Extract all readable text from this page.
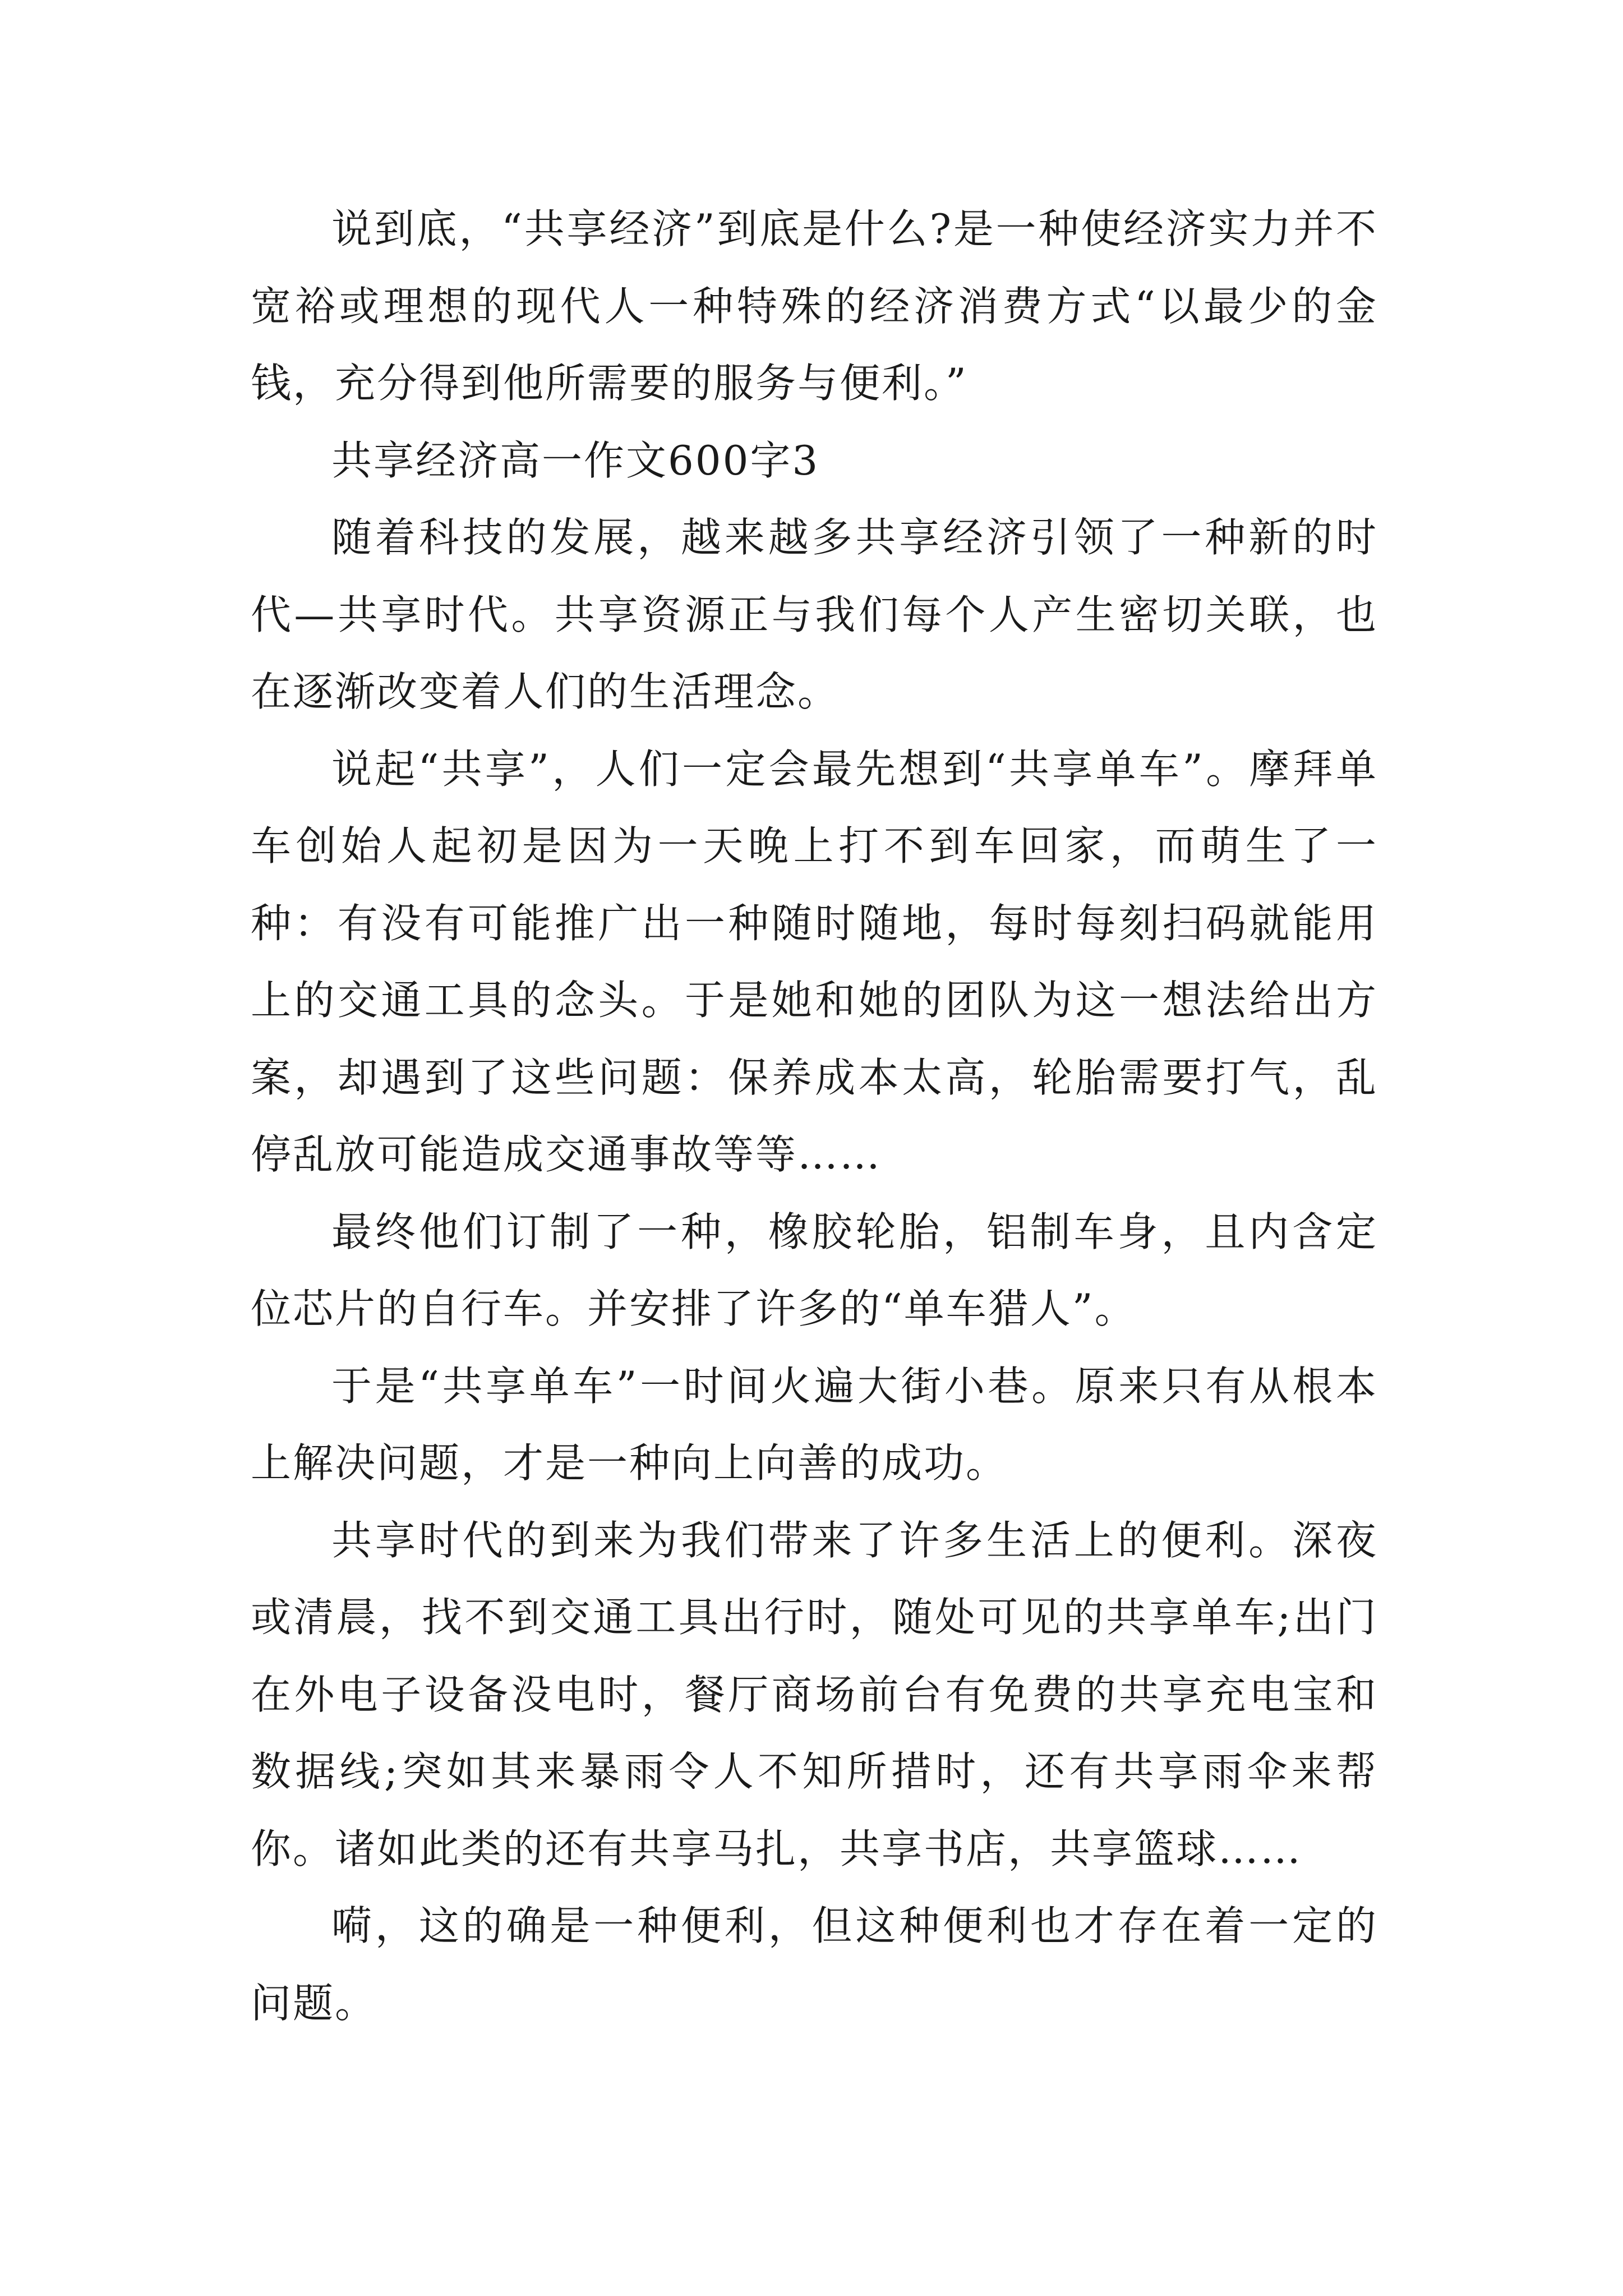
说到底，“共享经济”到底是什么?是一种使经济实力并不宽裕或理想的现代人一种特殊的经济消费方式“以最少的金钱，充分得到他所需要的服务与便利。”

共享经济高一作文600字3

随着科技的发展，越来越多共享经济引领了一种新的时代—共享时代。共享资源正与我们每个人产生密切关联，也在逐渐改变着人们的生活理念。

说起“共享”，人们一定会最先想到“共享单车”。摩拜单车创始人起初是因为一天晚上打不到车回家，而萌生了一种：有没有可能推广出一种随时随地，每时每刻扫码就能用上的交通工具的念头。于是她和她的团队为这一想法给出方案，却遇到了这些问题：保养成本太高，轮胎需要打气，乱停乱放可能造成交通事故等等……

最终他们订制了一种，橡胶轮胎，铝制车身，且内含定位芯片的自行车。并安排了许多的“单车猎人”。

于是“共享单车”一时间火遍大街小巷。原来只有从根本上解决问题，才是一种向上向善的成功。

共享时代的到来为我们带来了许多生活上的便利。深夜或清晨，找不到交通工具出行时，随处可见的共享单车;出门在外电子设备没电时，餐厅商场前台有免费的共享充电宝和数据线;突如其来暴雨令人不知所措时，还有共享雨伞来帮你。诸如此类的还有共享马扎，共享书店，共享篮球……

嗬，这的确是一种便利，但这种便利也才存在着一定的问题。
